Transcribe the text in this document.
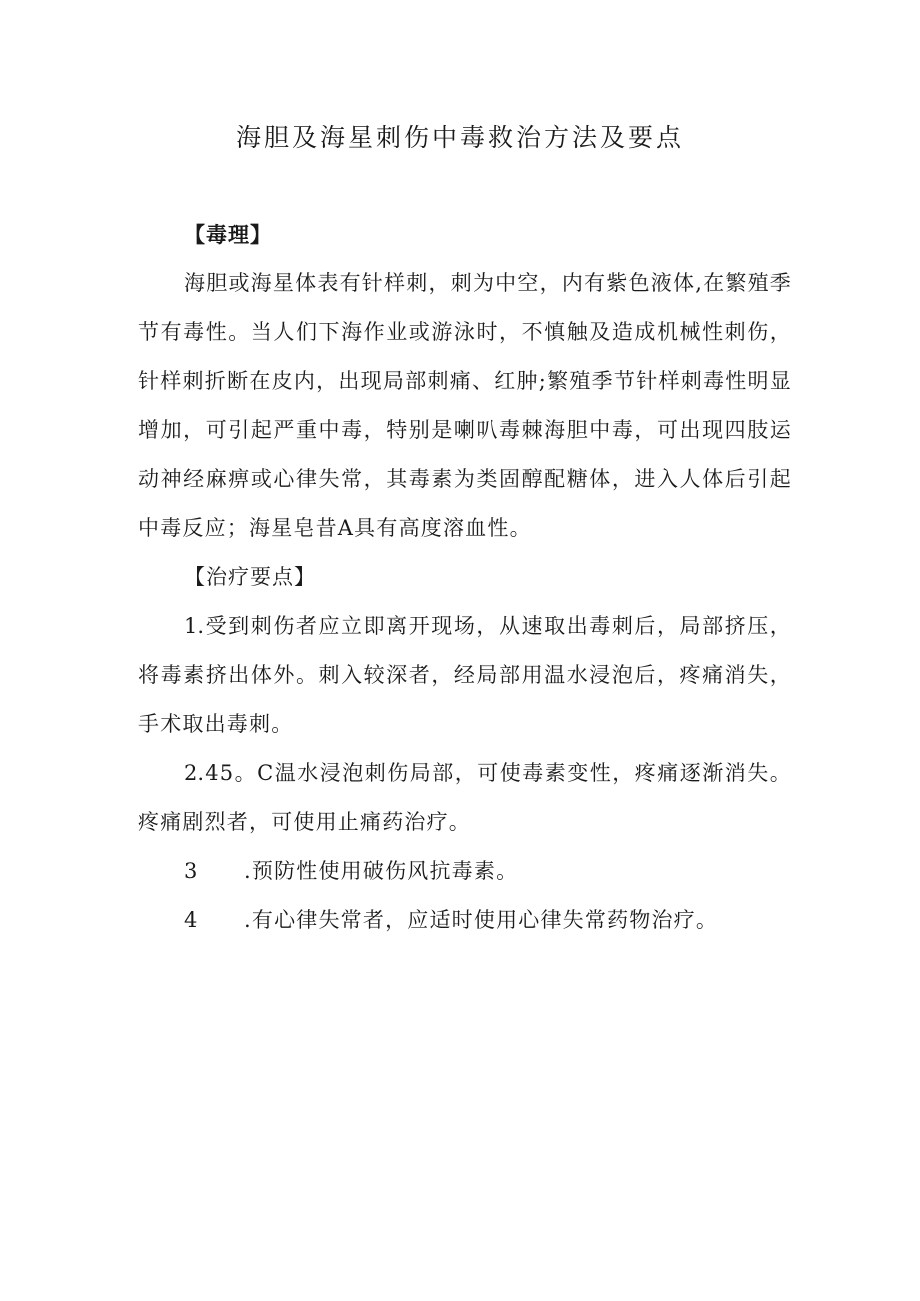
海胆及海星刺伤中毒救治方法及要点

【毒理】

海胆或海星体表有针样刺，刺为中空，内有紫色液体,在繁殖季节有毒性。当人们下海作业或游泳时，不慎触及造成机械性刺伤，针样刺折断在皮内，出现局部刺痛、红肿;繁殖季节针样刺毒性明显增加，可引起严重中毒，特别是喇叭毒棘海胆中毒，可出现四肢运动神经麻痹或心律失常，其毒素为类固醇配糖体，进入人体后引起中毒反应；海星皂昔A具有高度溶血性。

【治疗要点】

1.受到刺伤者应立即离开现场，从速取出毒刺后，局部挤压，将毒素挤出体外。刺入较深者，经局部用温水浸泡后，疼痛消失，手术取出毒刺。

2.45。C温水浸泡刺伤局部，可使毒素变性，疼痛逐渐消失。疼痛剧烈者，可使用止痛药治疗。

3 .预防性使用破伤风抗毒素。

4 .有心律失常者，应适时使用心律失常药物治疗。
